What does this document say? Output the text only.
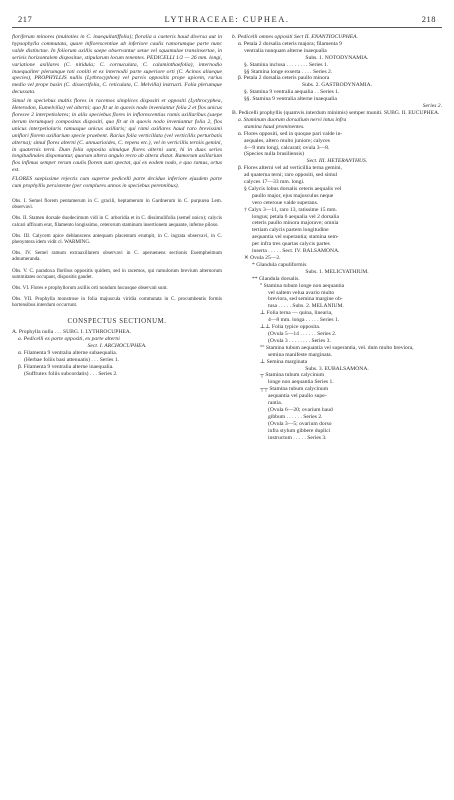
217	LYTHRACEAE: CUPHEA.	218

floriferum minores (multoties in C. inaequilatiffolia); floralia a caeteris haud diversa aut in hypsophylla commutata, quare inflorescentiae ab inferiore caulis ramorumque parte nunc valde distinctae. In foliorum axillis saepe observantur setae vel squamulae transinsertae, in serieis horizontalem dispositae, stipularum locum tenentes. PEDICELLI 1/2 — 26 mm. longi, variatione axillares (C. nitidula; C. cornuculata, C. calaminthaefolia), internodio inaequaliter plerumque toti conliti et ex internodii parte superiore orti (C. Acinos aliaeque species), PROPHYLLIS nullis (Lythrocyphon) vel parvis oppositis prope apicem, rarius medio vel prope basin (C. dissectifolia, C. reticulata, C. Melvilla) instructi. Folia plerumque decussata.

Simul in speciebus multis flores in racemos simplices dispositi et oppositi (Lythrocyphea, Heterodon, Eumelvilia) vel alterni; quo fit ut in quovis nodo inveniantur folia 2 et flos unicus floresve 2 interpetiolares; in aliis speciebus flores in inflorescentias ramis axillaribus (saepe iterum iterumque) compositas dispositi, quo fit ut in quovis nodo inveniantur folia 2, flos unicus interpetiolaris ramusque unicus axillaris; qui rami axillares haud raro brevissimi uniflori florem axillarium specie praebent. Rarius folia verticillata (vel verticillis perturbatis alterna); simul flores alterni (C. annuarioides, C. repens etc.), vel in verticillis terniis gemini, in quaternis terni. Dum folia opposita simulque flores alterni sunt, hi in duas series longitudinales disponuntur, quarum altera angulo recto ab altera distat. Ramorum axillarium flos infimus semper rerum caulis florem sum spectat, qui ex eodem nodo, e quo ramus, ortus est.

FLORES saepissime rejectis cum superne pedicelli parte deciduo inferiore ejusdem parte cum prophyllis persistente (per complures annos in speciebus perennibus).

Obs. I. Semel florem pentamerum in C. gracili, heptamerum in Gardnerum in C. purpurea Lem. observavi.

Obs. II. Stamen dorsale duodecimum vidi in C. arboridia et in C. dissimulifolia (semel unico); calycis calcari affixum erat, filamento longissimo, ceterorum staminum insertionem aequante, inferne piloso.

Obs. III. Calycem apice deblanscens antequam placentam erumpit, in C. ingrata observavi, in C. phenyntera idem vidit cl. WARMING.

Obs. IV. Semel ramum extraaxillarem observavi in C. aperuenens sectionis Euempheimum adnumeranda.

Obs. V. C. paradoxa floribus oppositis quidem, sed in racemos, qui ramulorum brevium alternorum summitates occupant, dispositis gaudet.

Obs. VI. Flores e prophyllorum axillis orti nondum hucusque observati sunt.

Obs. VII. Prophylla monstrose in folia majuscula viridia commutata in C. procumbentis formis hortensibus interdum occurrunt.

CONSPECTUS SECTIONUM.
A. Prophylla nulla . . . SUBG. I. LYTHROCUPHEA.
a. Pedicelli ex parte oppositi, ex parte alterni
Sect. I. ARCHOCUPHEA.
α. Filamenta 9 ventralia alterne subaequalia.
(Herbae foliis basi attenuatis) . . . Series 1.
β. Filamenta 9 ventralia alterne inaequalia.
(Suffrutex foliis subcordatis) . . . Series 2.
b. Pedicelli omnes oppositi Sect II. ENANTIOCUPHEA.
α. Petala 2 dorsalia ceteris majora; filamenta 9
ventralia nunquam alterne inaequalia
Subs. 1. NOTODYNAMIA.
§. Stamina inclusa . . . . . . . . Series 1.
§§ Stamina longe exserta . . . . Series 2.
β. Petala 2 dorsalia ceteris paullo minora
Subs. 2. GASTRODYNAMIA.
§. Stamina 9 ventralia aequalia . . Series 1.
§§. Stamina 9 ventralia alterne inaequalia
Series 2.
B. Pedicelli prophyllis (quamvis interdum minimis) semper muniti. SUBG. II. EUCUPHEA.
a. Staminum duorum dorsalium nervi intus infra
stamina haud prominentes.
α. Flores oppositi, sed in quoque pari valde in-
aequales, altero multo juniore; calyces
4—9 mm longi, calcarati; ovula 3—8.
(Species nulla brasiliensis)
Sect. III. HETERANTHUS.
β. Flores alterni vel ad verticillia terna gemini,
ad quaterna terni; raro oppositi, sed simul
calyces 17—33 mm. longi.
§ Calycis lobus dorsalis ceteris aequalis vel
paullo major, ejus majusculus neque
vero ceteroue valde superans.
† Calyx 3—11, raro 13, ratissime 15 mm.
longus; petala 6 aequalia vel 2 dorsalia
ceteris paullo minora majorave; omnia
tertiam calycis partem longitudine
aequantia vel superantia; stamina sem-
per infra tres quartas calycis partes
inserta . . . . . Sect. IV. BALSAMONA.
✕ Ovula 25—2.
* Glandula capuliformis
Subs. 1. MELICYATHIUM.
** Glandula dorsalis.
° Stamina tubum longe non aequantia
vel saltem velua avario multo
breviora, sed semina margine ob-
tusa . . . . . Subs. 2. MELANIUM.
⊥ Folia terna — quina, linearia,
4—8 mm. longa . . . . . Series 1.
⊥⊥ Folia typice opposita.
(Ovula 5—14 . . . . . . Series 2.
(Ovula 3 . . . . . . . . Series 3.
°° Stamina tubum aequantia vel superantia, vel. dum multo breviora,
semina manifeste marginata.
⊥ Semina marginata
Subs. 3. EUBALSAMONA.
┬ Stamina tubum calycinum
longe non aequantia Series 1.
┬┬ Stamina tubum calycinum
aequantia vel paullo supe-
rantia.
(Ovula 6—20; ovarium haud
gibbum . . . . . . Series 2.
(Ovula 3—5; ovarium dorso
infra stylum gibbere duplici
instructum . . . . . Series 3.
